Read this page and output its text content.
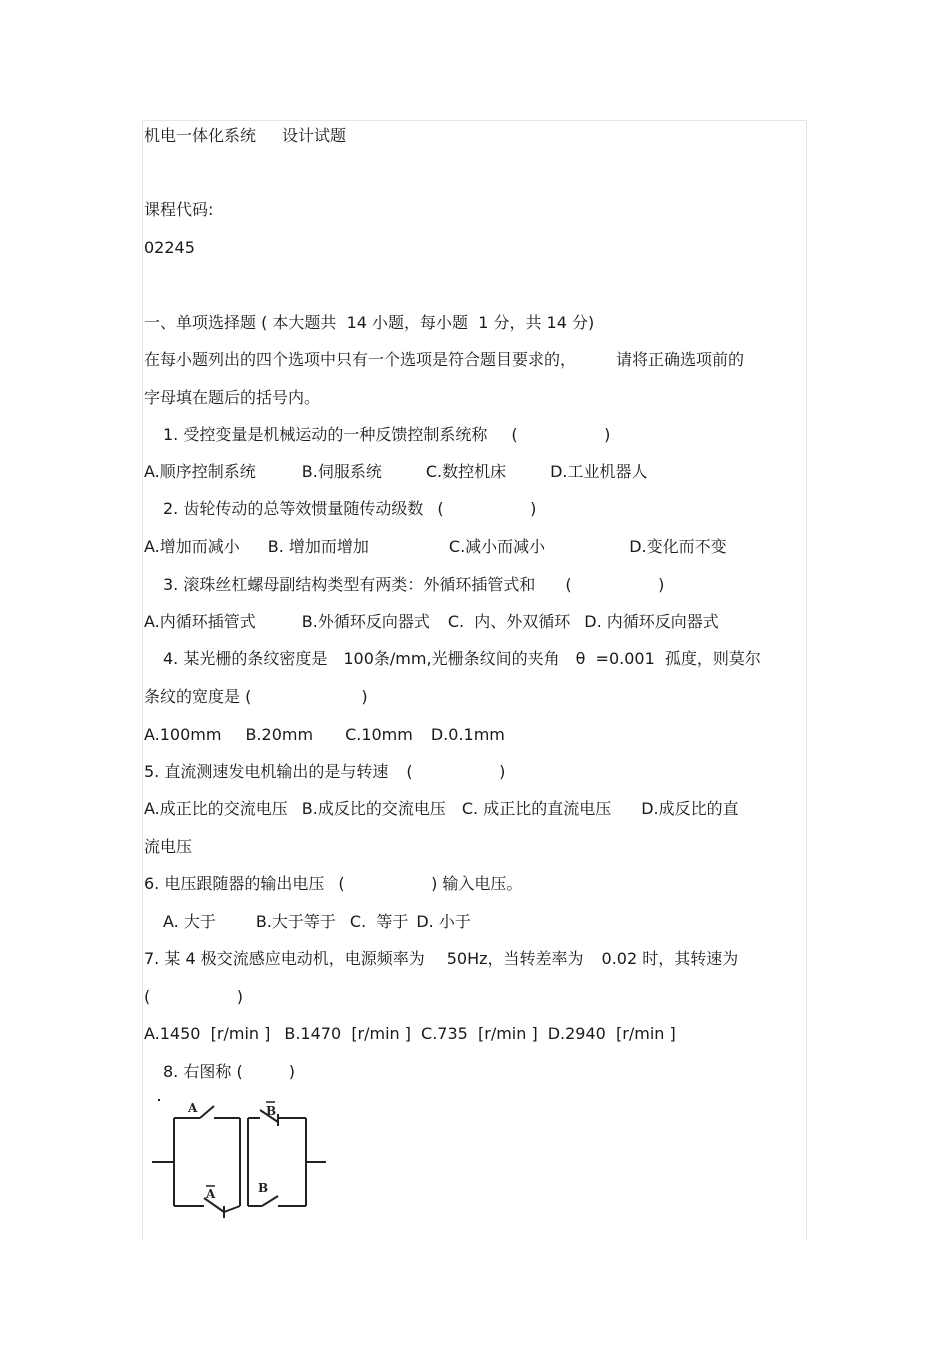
机电一体化系统 设计试题
课程代码:
02245
一、单项选择题 ( 本大题共  14 小题，每小题  1 分，共 14 分)
在每小题列出的四个选项中只有一个选项是符合题目要求的，	请将正确选项前的
字母填在题后的括号内。
1. 受控变量是机械运动的一种反馈控制系统称 (                 )
A.顺序控制系统	B.伺服系统	C.数控机床	D.工业机器人
2. 齿轮传动的总等效惯量随传动级数 (                 )
A.增加而减小 B. 增加而增加	C.减小而减小	D.变化而不变
3. 滚珠丝杠螺母副结构类型有两类：外循环插管式和 (                 )
A.内循环插管式	B.外循环反向器式 C.  内、外双循环 D. 内循环反向器式
4. 某光栅的条纹密度是 100条/mm,光栅条纹间的夹角 θ  =0.001  孤度，则莫尔
条纹的宽度是 (	)
A.100mm B.20mm C.10mm D.0.1mm
5. 直流测速发电机输出的是与转速 (                 )
A.成正比的交流电压 B.成反比的交流电压 C. 成正比的直流电压 D.成反比的直
流电压
6. 电压跟随器的输出电压 (                 ) 输入电压。
A. 大于	B.大于等于 C.  等于 D. 小于
7. 某 4 极交流感应电动机，电源频率为 50Hz，当转差率为 0.02 时，其转速为
(                 )
A.1450  [r/min ] B.1470  [r/min ] C.735  [r/min ] D.2940  [r/min ]
8. 右图称 (	)
A	B
A	B
